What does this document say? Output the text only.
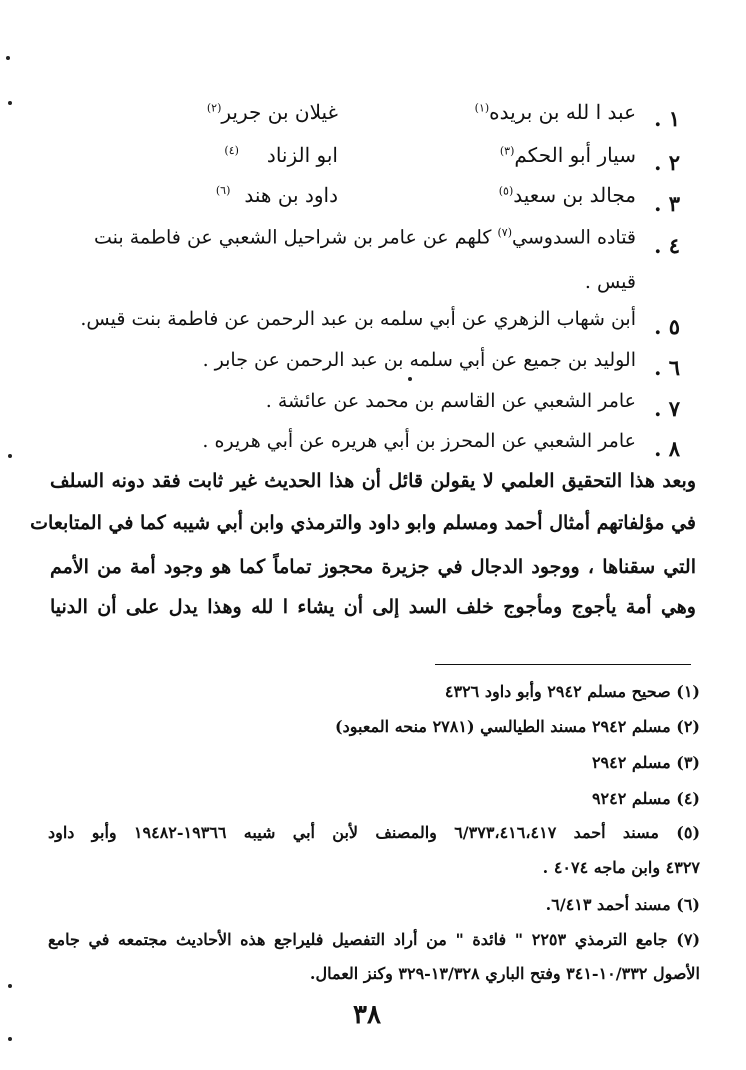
١ .
عبد ا لله بن بريده$^{(١)}$
غيلان بن جرير$^{(٢)}$
٢ .
سيار أبو الحكم$^{(٣)}$
ابو الزناد$^{(٤)}$
٣ .
مجالد بن سعيد$^{(٥)}$
داود بن هند$^{(٦)}$
٤ .
قتاده السدوسي$^{(٧)}$ كلهم عن عامر بن شراحيل الشعبي عن فاطمة بنت
قيس .
٥ .
أبن شهاب الزهري عن أبي سلمه بن عبد الرحمن عن فاطمة بنت قيس.
٦ .
الوليد بن جميع عن أبي سلمه بن عبد الرحمن عن جابر .
٧ .
عامر الشعبي عن القاسم بن محمد عن عائشة .
٨ .
عامر الشعبي عن المحرز بن أبي هريره عن أبي هريره .
وبعد هذا التحقيق العلمي لا يقولن قائل أن هذا الحديث غير ثابت فقد دونه السلف
في مؤلفاتهم أمثال أحمد ومسلم وابو داود والترمذي وابن أبي شيبه كما في المتابعات
التي سقناها ، ووجود الدجال في جزيرة محجوز تماماً كما هو وجود أمة من الأمم
وهي أمة يأجوج ومأجوج خلف السد إلى أن يشاء ا لله وهذا يدل على أن الدنيا
(١) صحيح مسلم ٢٩٤٢ وأبو داود ٤٣٢٦
(٢) مسلم ٢٩٤٢ مسند الطيالسي (٢٧٨١ منحه المعبود)
(٣) مسلم ٢٩٤٢
(٤) مسلم ٩٢٤٢
(٥) مسند أحمد ٦/٣٧٣،٤١٦،٤١٧ والمصنف لأبن أبي شيبه ١٩٣٦٦-١٩٤٨٢ وأبو داود
٤٣٢٧ وابن ماجه ٤٠٧٤ .
(٦) مسند أحمد ٦/٤١٣.
(٧) جامع الترمذي ٢٢٥٣ " فائدة " من أراد التفصيل فليراجع هذه الأحاديث مجتمعه في جامع
الأصول ١٠/٣٣٢-٣٤١ وفتح الباري ١٣/٣٢٨-٣٢٩ وكنز العمال.
٣٨
